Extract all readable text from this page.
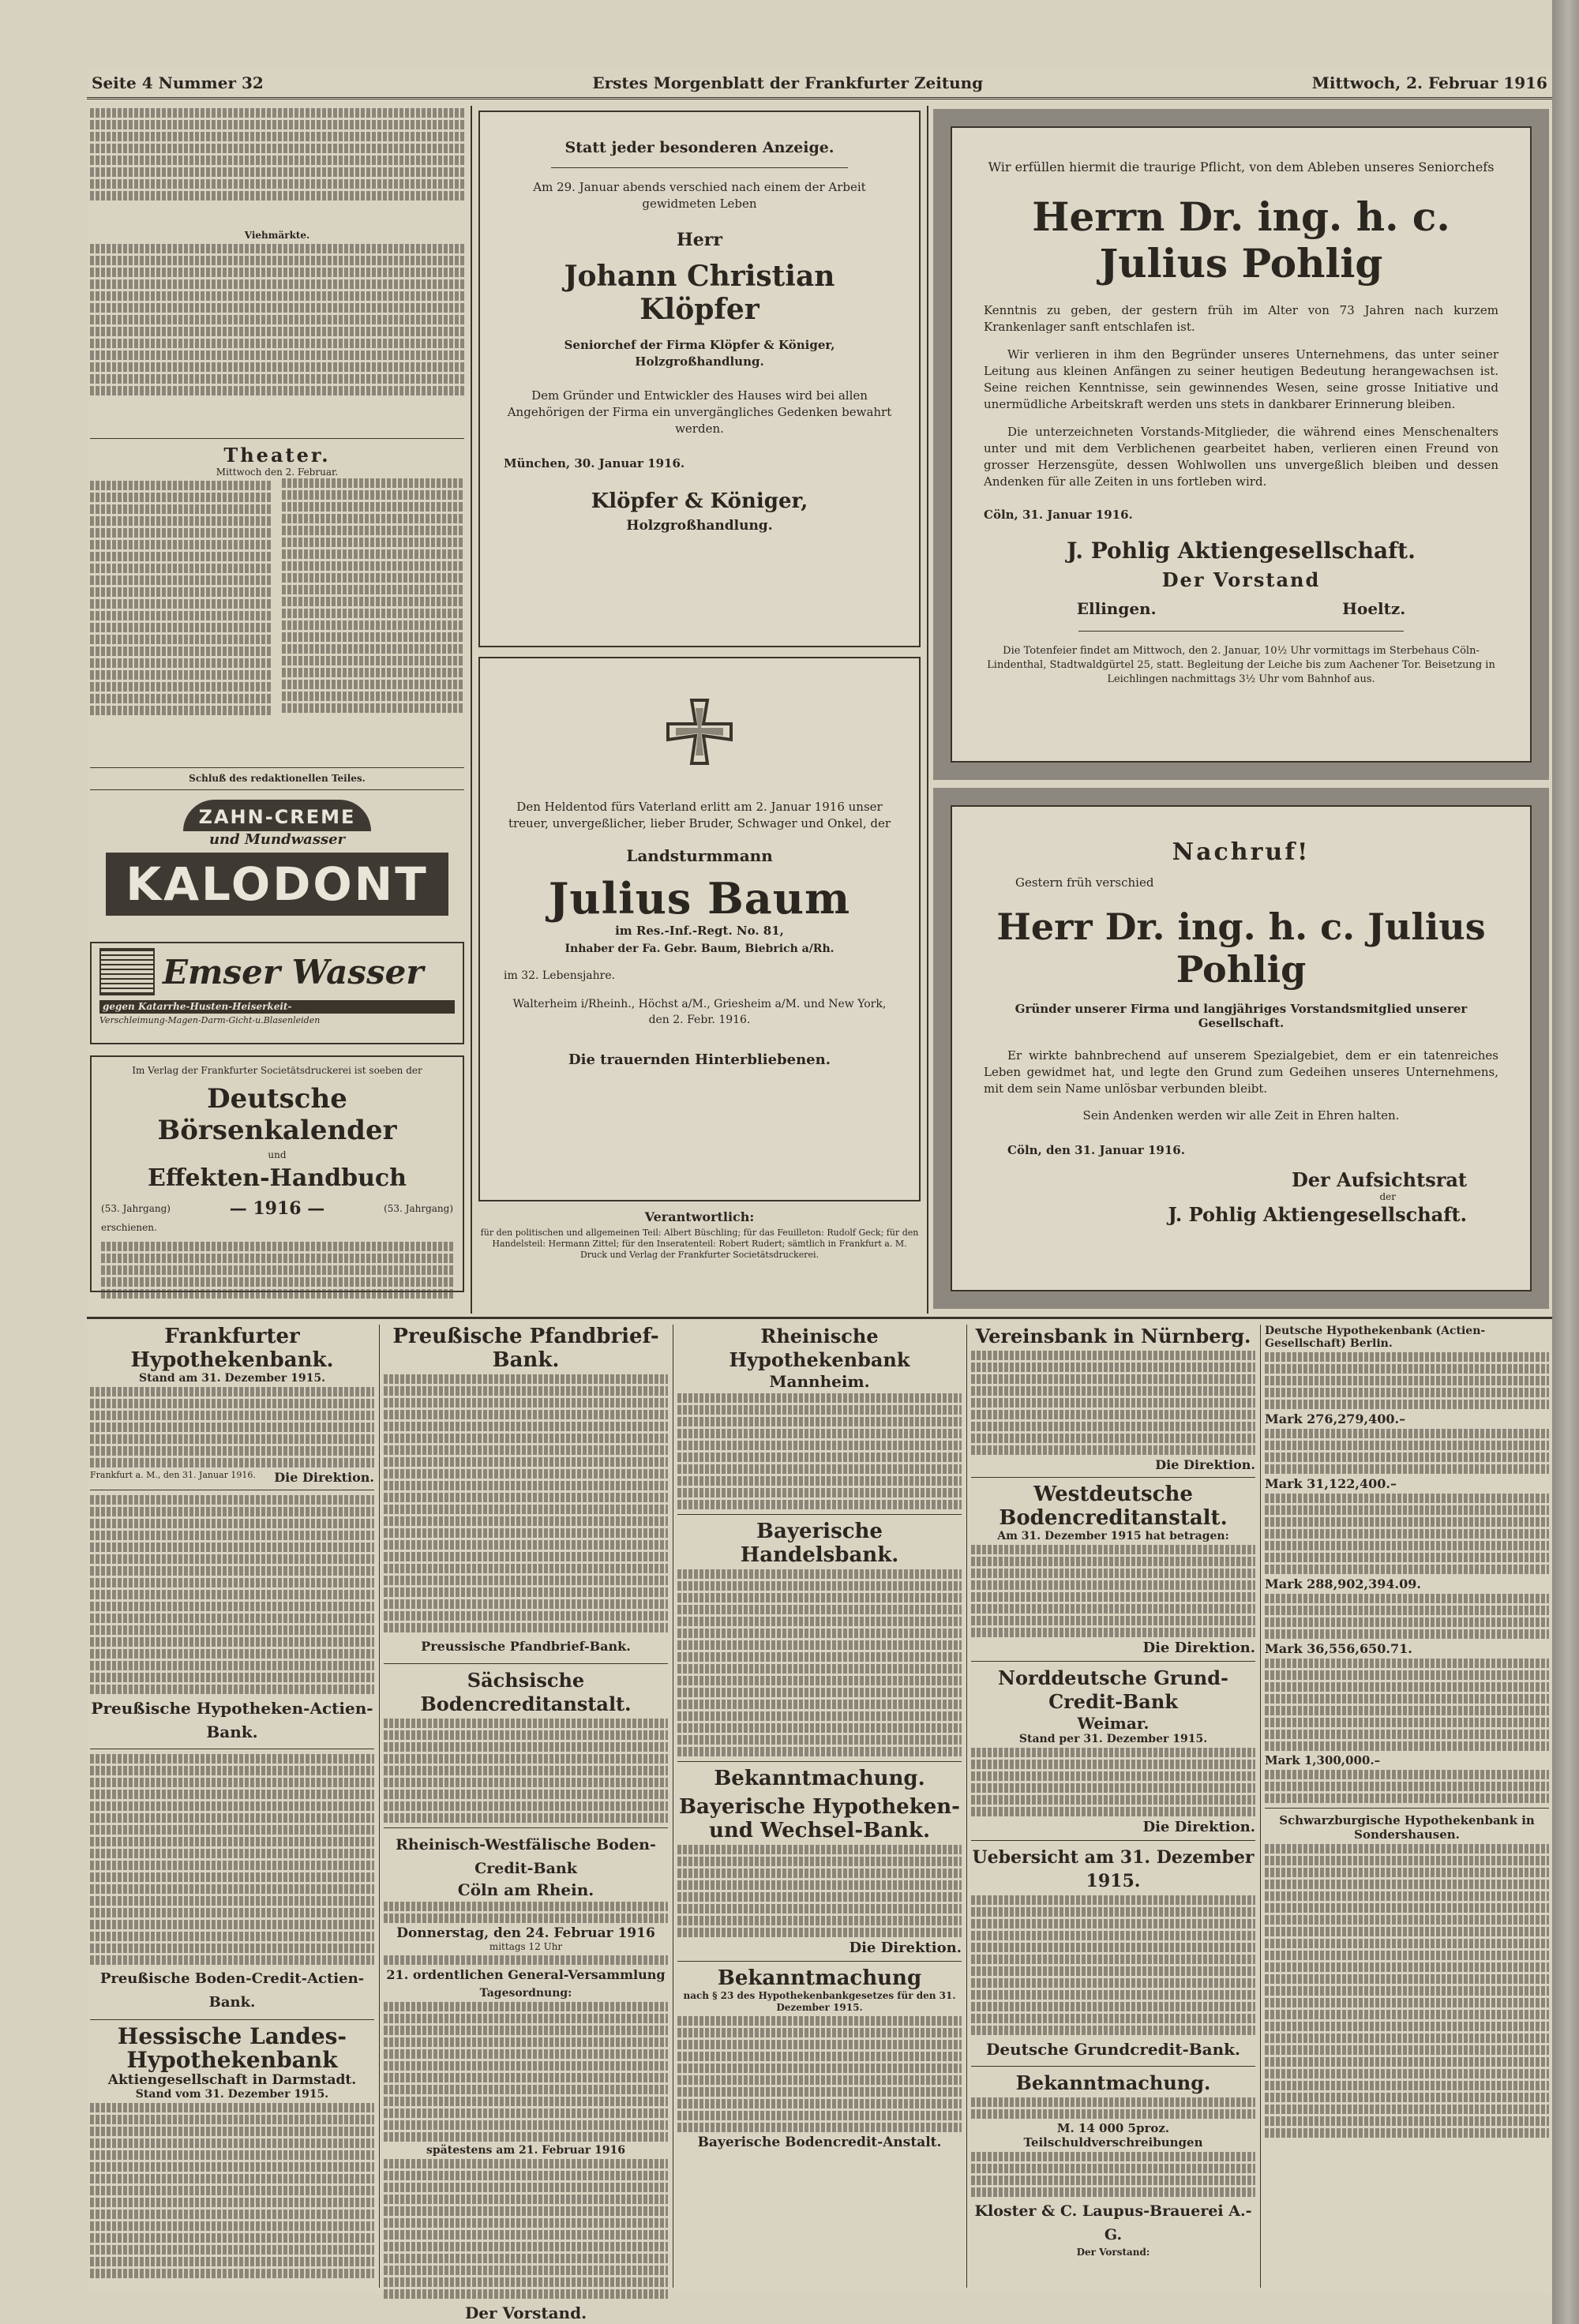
Seite 4 Nummer 32	Erstes Morgenblatt der Frankfurter Zeitung	Mittwoch, 2. Februar 1916
Viehmärkte.
Theater.
Mittwoch den 2. Februar.
Schluß des redaktionellen Teiles.
ZAHN-CREME
und Mundwasser
KALODONT
Emser Wasser
gegen Katarrhe-Husten-Heiserkeit-
Verschleimung-Magen-Darm-Gicht-u.Blasenleiden
Im Verlag der Frankfurter Societätsdruckerei ist soeben der
Deutsche Börsenkalender
und
Effekten-Handbuch
(53. Jahrgang)	— 1916 —	(53. Jahrgang)
erschienen.
Statt jeder besonderen Anzeige.
Am 29. Januar abends verschied nach einem der Arbeit gewidmeten Leben
Herr
Johann Christian Klöpfer
Seniorchef der Firma Klöpfer & Königer, Holzgroßhandlung.
Dem Gründer und Entwickler des Hauses wird bei allen Angehörigen der Firma ein unvergängliches Gedenken bewahrt werden.
München, 30. Januar 1916.
Klöpfer & Königer,
Holzgroßhandlung.
Den Heldentod fürs Vaterland erlitt am 2. Januar 1916 unser treuer, unvergeßlicher, lieber Bruder, Schwager und Onkel, der
Landsturmmann
Julius Baum
im Res.-Inf.-Regt. No. 81,
Inhaber der Fa. Gebr. Baum, Biebrich a/Rh.
im 32. Lebensjahre.
Walterheim i/Rheinh., Höchst a/M., Griesheim a/M. und New York, den 2. Febr. 1916.
Die trauernden Hinterbliebenen.
Verantwortlich:
für den politischen und allgemeinen Teil: Albert Büschling; für das Feuilleton: Rudolf Geck; für den Handelsteil: Hermann Zittel; für den Inseratenteil: Robert Rudert; sämtlich in Frankfurt a. M. Druck und Verlag der Frankfurter Societätsdruckerei.
Wir erfüllen hiermit die traurige Pflicht, von dem Ableben unseres Seniorchefs
Herrn Dr. ing. h. c. Julius Pohlig
Kenntnis zu geben, der gestern früh im Alter von 73 Jahren nach kurzem Krankenlager sanft entschlafen ist.
Wir verlieren in ihm den Begründer unseres Unternehmens, das unter seiner Leitung aus kleinen Anfängen zu seiner heutigen Bedeutung herangewachsen ist. Seine reichen Kenntnisse, sein gewinnendes Wesen, seine grosse Initiative und unermüdliche Arbeitskraft werden uns stets in dankbarer Erinnerung bleiben.
Die unterzeichneten Vorstands-Mitglieder, die während eines Menschenalters unter und mit dem Verblichenen gearbeitet haben, verlieren einen Freund von grosser Herzensgüte, dessen Wohlwollen uns unvergeßlich bleiben und dessen Andenken für alle Zeiten in uns fortleben wird.
Cöln, 31. Januar 1916.
J. Pohlig Aktiengesellschaft.
Der Vorstand
Ellingen.	Hoeltz.
Die Totenfeier findet am Mittwoch, den 2. Januar, 10½ Uhr vormittags im Sterbehaus Cöln-Lindenthal, Stadtwaldgürtel 25, statt. Begleitung der Leiche bis zum Aachener Tor. Beisetzung in Leichlingen nachmittags 3½ Uhr vom Bahnhof aus.
Nachruf!
Gestern früh verschied
Herr Dr. ing. h. c. Julius Pohlig
Gründer unserer Firma und langjähriges Vorstandsmitglied unserer Gesellschaft.
Er wirkte bahnbrechend auf unserem Spezialgebiet, dem er ein tatenreiches Leben gewidmet hat, und legte den Grund zum Gedeihen unseres Unternehmens, mit dem sein Name unlösbar verbunden bleibt.
Sein Andenken werden wir alle Zeit in Ehren halten.
Cöln, den 31. Januar 1916.
Der Aufsichtsrat
der
J. Pohlig Aktiengesellschaft.
Frankfurter Hypothekenbank.
Stand am 31. Dezember 1915.
Frankfurt a. M., den 31. Januar 1916. Die Direktion.
Preußische Hypotheken-Actien-Bank.
Preußische Boden-Credit-Actien-Bank.
Hessische Landes-Hypothekenbank
Aktiengesellschaft in Darmstadt.
Stand vom 31. Dezember 1915.
Preußische Pfandbrief-Bank.
Preussische Pfandbrief-Bank.
Sächsische Bodencreditanstalt.
Rheinisch-Westfälische Boden-Credit-Bank
Cöln am Rhein.
Donnerstag, den 24. Februar 1916
mittags 12 Uhr
21. ordentlichen General-Versammlung
Tagesordnung:
spätestens am 21. Februar 1916
Der Vorstand.
Rheinische Hypothekenbank
Mannheim.
Bayerische Handelsbank.
Bekanntmachung.
Bayerische Hypotheken- und Wechsel-Bank.
Die Direktion.
Bekanntmachung
nach § 23 des Hypothekenbankgesetzes für den 31. Dezember 1915.
Bayerische Bodencredit-Anstalt.
Vereinsbank in Nürnberg.
Die Direktion.
Westdeutsche Bodencreditanstalt.
Am 31. Dezember 1915 hat betragen:
Die Direktion.
Norddeutsche Grund-Credit-Bank
Weimar.
Stand per 31. Dezember 1915.
Die Direktion.
Uebersicht am 31. Dezember 1915.
Deutsche Grundcredit-Bank.
Bekanntmachung.
M. 14 000 5proz. Teilschuldverschreibungen
Kloster & C. Laupus-Brauerei A.-G.
Der Vorstand:
Deutsche Hypothekenbank (Actien-Gesellschaft) Berlin.
Mark 276,279,400.–
Mark 31,122,400.–
Mark 288,902,394.09.
Mark 36,556,650.71.
Mark 1,300,000.–
Schwarzburgische Hypothekenbank in Sondershausen.
